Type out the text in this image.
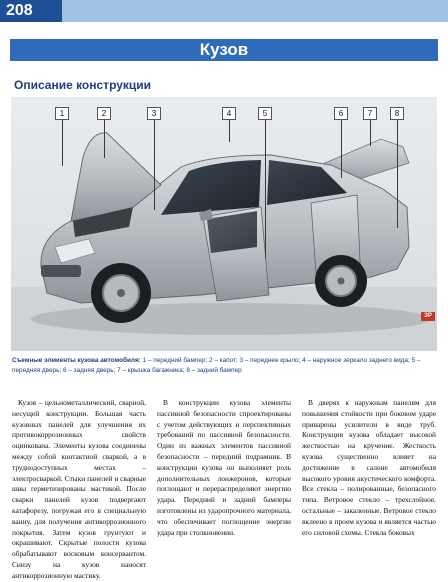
208
Кузов
Описание конструкции
1	2	3	4	5	6	7	8
ЗР
Съемные элементы кузова автомобиля: 1 – передний бампер; 2 – капот; 3 – переднее крыло; 4 – наружное зеркало заднего вида; 5 – передняя дверь; 6 – задняя дверь; 7 – крышка багажника; 8 – задний бампер

Кузов – цельнометаллический, сварной, несущей конструкции. Большая часть кузовных панелей для улучшения их противокоррозионных свойств оцинкована. Элементы кузова соединены между собой контактной сваркой, а в труднодоступных местах – электросваркой. Стыки панелей и сварные швы герметизированы мастикой. После сварки панелей кузов подвергают катафорезу, погружая его в специальную ванну, для получения антикоррозионного покрытия. Затем кузов грунтуют и окрашивают. Скрытые полости кузова обрабатывают восковым консервантом. Снизу на кузов наносят антикоррозионную мастику.

В конструкции кузова элементы пассивной безопасности спроектированы с учетом действующих и перспективных требований по пассивной безопасности. Один из важных элементов пассивной безопасности – передний подрамник. В конструкции кузова он выполняет роль дополнительных лонжеронов, которые поглощают и перераспределяют энергию удара. Передний и задний бамперы изготовлены из ударопрочного материала, что обеспечивает поглощение энергии удара при столкновении.

В дверях к наружным панелям для повышения стойкости при боковом ударе приварены усилители в виде труб. Конструкция кузова обладает высокой жесткостью на кручение. Жесткость кузова существенно влияет на достижение в салоне автомобиля высокого уровня акустического комфорта. Все стекла – полированные, безопасного типа. Ветровое стекло – трехслойное, остальные – закаленные. Ветровое стекло вклеено в проем кузова и является частью его силовой схемы. Стекла боковых
